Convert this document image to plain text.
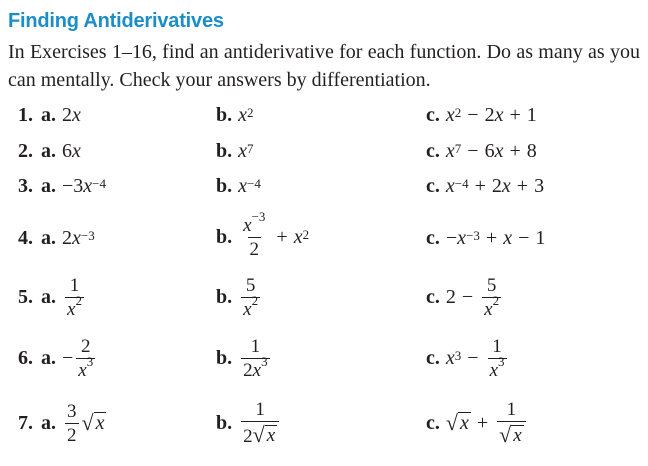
Finding Antiderivatives
In Exercises 1–16, find an antiderivative for each function. Do as many as you can mentally. Check your answers by differentiation.
1. a. 2 x	b. $x^2$	c. $x^2 - 2$ x + 1
2. a. 6 x	b. $x^7$	c. $x^7 - 6$ x + 8
3. a. −3 $x^{-4}$	b. $x^{-4}$	c. $x^{-4} + 2$ x + 3
4. a. 2 $x^{-3}$	b. $\frac{x^{-3}}{2} + x^2$	c. − $x^{-3} + x - 1$
5. a. $\frac{1}{x^2}$	b. $\frac{5}{x^2}$	c. $2 - \frac{5}{x^2}$
6. a. − $\frac{2}{x^3}$	b. $\frac{1}{2x^3}$	c. $x^3 - \frac{1}{x^3}$
7. a. $\frac{3}{2}$ √ x	b. $\frac{1}{2 √ x}$	c. √ $x + \frac{1}{√ x}$
